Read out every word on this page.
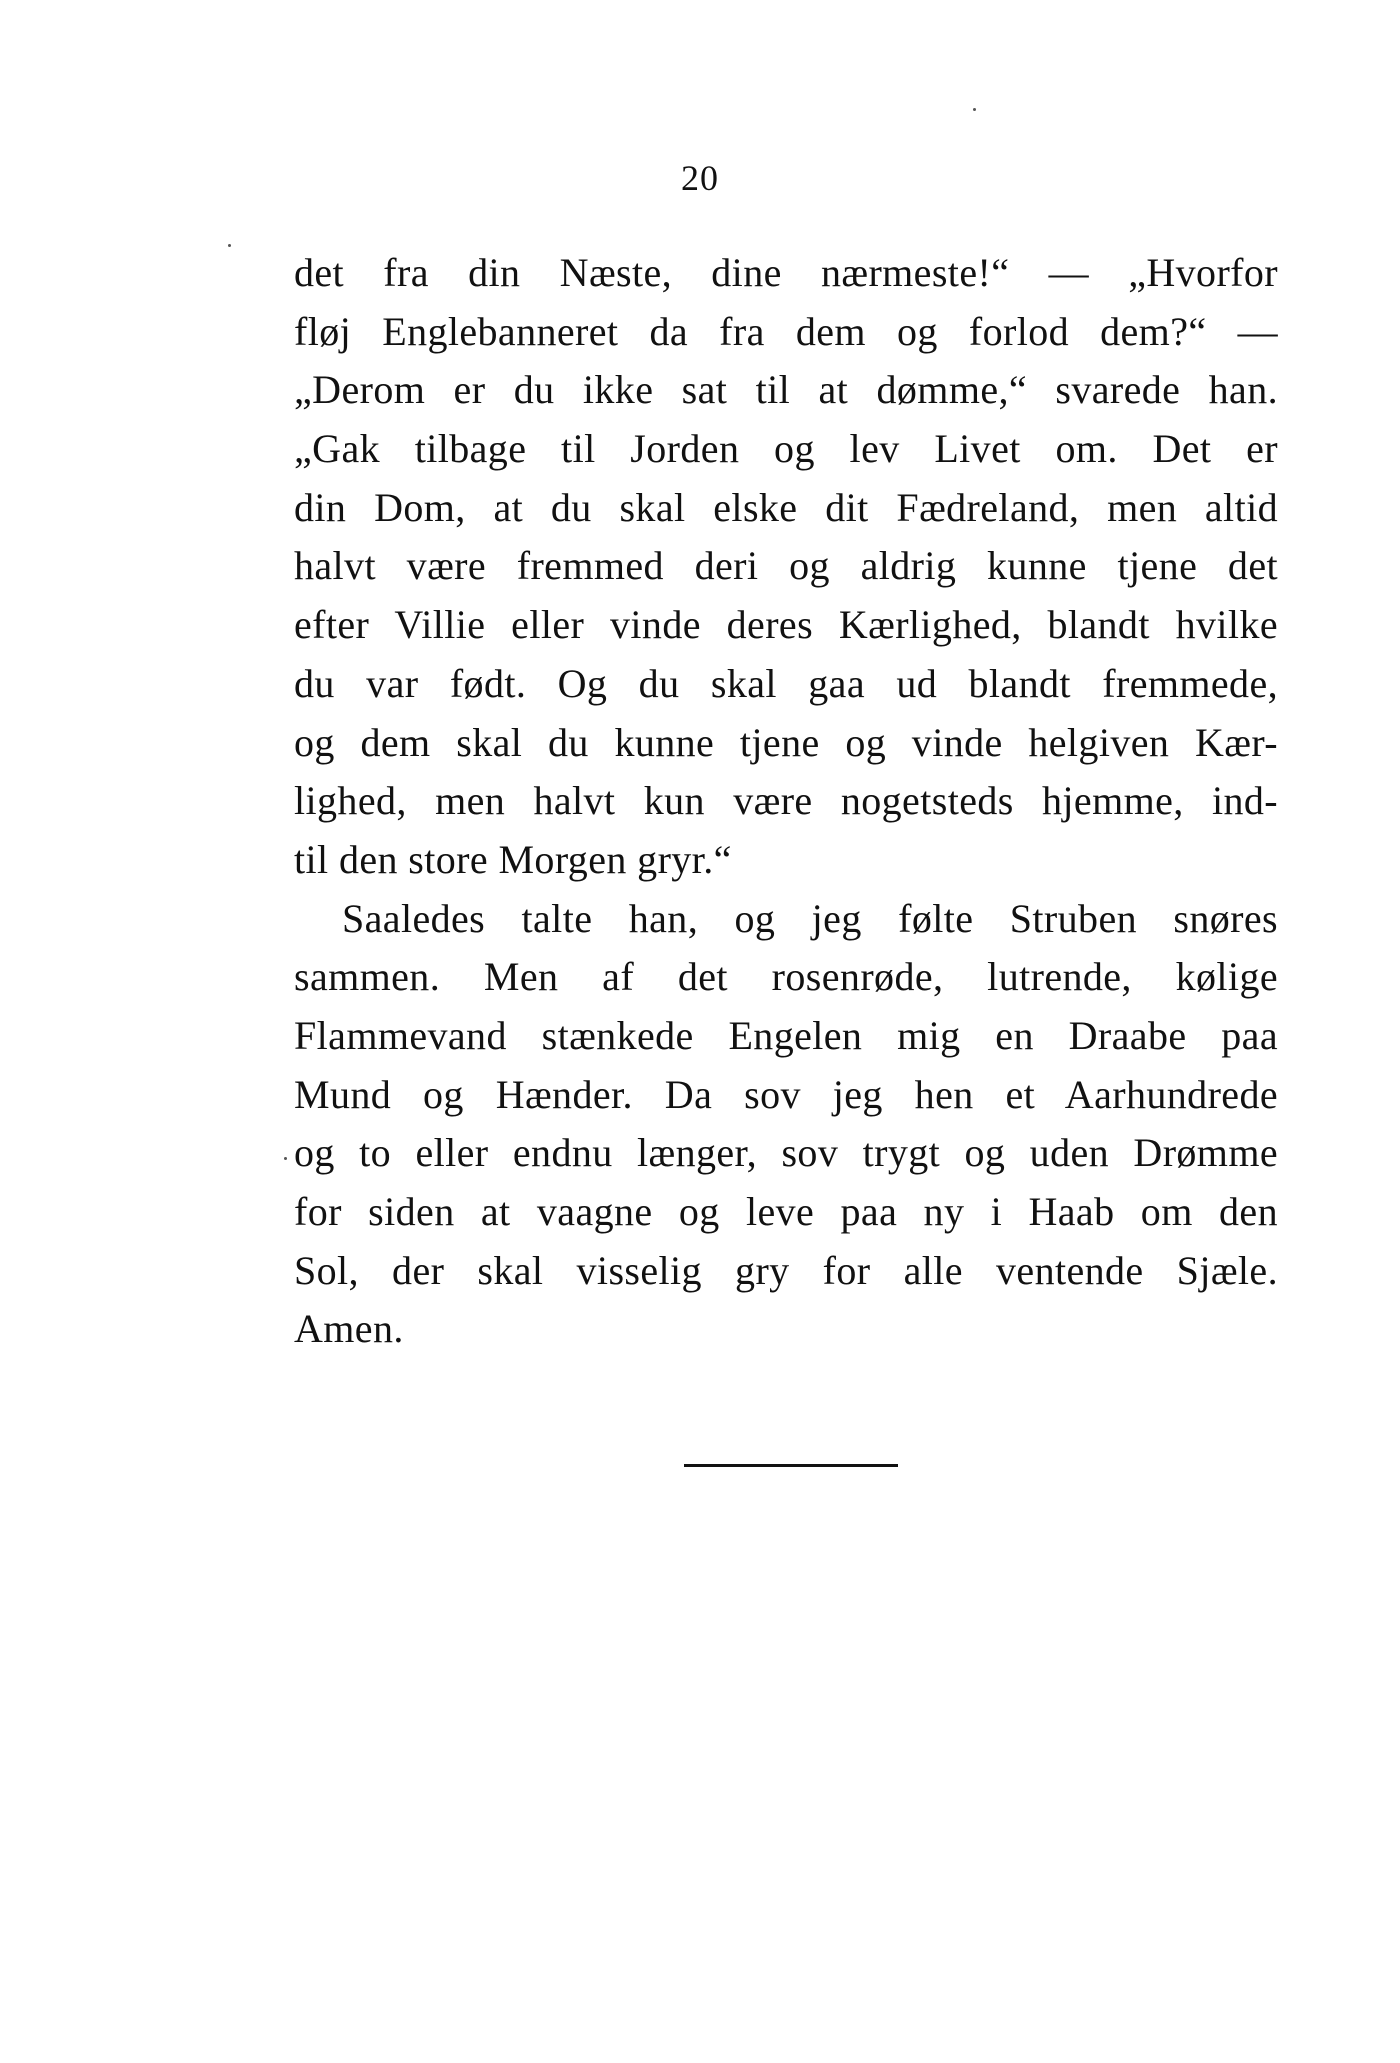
20
det fra din Næste, dine nærmeste!“ — „Hvorfor
fløj Englebanneret da fra dem og forlod dem?“ —
„Derom er du ikke sat til at dømme,“ svarede han.
„Gak tilbage til Jorden og lev Livet om. Det er
din Dom, at du skal elske dit Fædreland, men altid
halvt være fremmed deri og aldrig kunne tjene det
efter Villie eller vinde deres Kærlighed, blandt hvilke
du var født. Og du skal gaa ud blandt fremmede,
og dem skal du kunne tjene og vinde helgiven Kær-
lighed, men halvt kun være nogetsteds hjemme, ind-
til den store Morgen gryr.“
Saaledes talte han, og jeg følte Struben snøres
sammen. Men af det rosenrøde, lutrende, kølige
Flammevand stænkede Engelen mig en Draabe paa
Mund og Hænder. Da sov jeg hen et Aarhundrede
og to eller endnu længer, sov trygt og uden Drømme
for siden at vaagne og leve paa ny i Haab om den
Sol, der skal visselig gry for alle ventende Sjæle.
Amen.
